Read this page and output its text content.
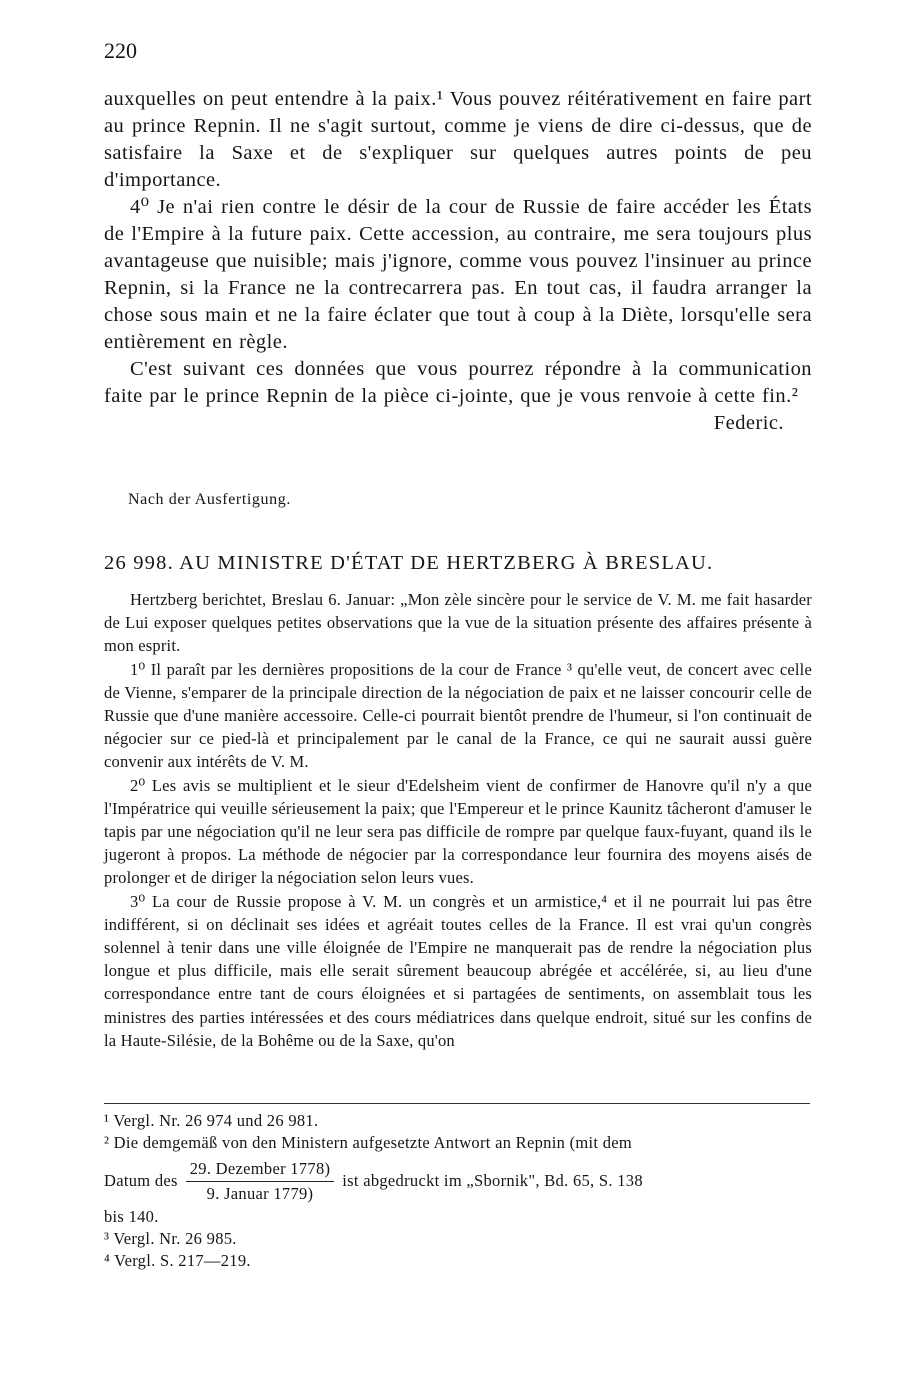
220

auxquelles on peut entendre à la paix.¹ Vous pouvez réitérativement en faire part au prince Repnin. Il ne s'agit surtout, comme je viens de dire ci-dessus, que de satisfaire la Saxe et de s'expliquer sur quelques autres points de peu d'importance.

4⁰ Je n'ai rien contre le désir de la cour de Russie de faire accéder les États de l'Empire à la future paix. Cette accession, au contraire, me sera toujours plus avantageuse que nuisible; mais j'ignore, comme vous pouvez l'insinuer au prince Repnin, si la France ne la contrecarrera pas. En tout cas, il faudra arranger la chose sous main et ne la faire éclater que tout à coup à la Diète, lorsqu'elle sera entièrement en règle.

C'est suivant ces données que vous pourrez répondre à la communication faite par le prince Repnin de la pièce ci-jointe, que je vous renvoie à cette fin.²

Federic.

Nach der Ausfertigung.
26 998. AU MINISTRE D'ÉTAT DE HERTZBERG À BRESLAU.

Hertzberg berichtet, Breslau 6. Januar: „Mon zèle sincère pour le service de V. M. me fait hasarder de Lui exposer quelques petites observations que la vue de la situation présente des affaires présente à mon esprit.

1⁰ Il paraît par les dernières propositions de la cour de France ³ qu'elle veut, de concert avec celle de Vienne, s'emparer de la principale direction de la négociation de paix et ne laisser concourir celle de Russie que d'une manière accessoire. Celle-ci pourrait bientôt prendre de l'humeur, si l'on continuait de négocier sur ce pied-là et principalement par le canal de la France, ce qui ne saurait aussi guère convenir aux intérêts de V. M.

2⁰ Les avis se multiplient et le sieur d'Edelsheim vient de confirmer de Hanovre qu'il n'y a que l'Impératrice qui veuille sérieusement la paix; que l'Empereur et le prince Kaunitz tâcheront d'amuser le tapis par une négociation qu'il ne leur sera pas difficile de rompre par quelque faux-fuyant, quand ils le jugeront à propos. La méthode de négocier par la correspondance leur fournira des moyens aisés de prolonger et de diriger la négociation selon leurs vues.

3⁰ La cour de Russie propose à V. M. un congrès et un armistice,⁴ et il ne pourrait lui pas être indifférent, si on déclinait ses idées et agréait toutes celles de la France. Il est vrai qu'un congrès solennel à tenir dans une ville éloignée de l'Empire ne manquerait pas de rendre la négociation plus longue et plus difficile, mais elle serait sûrement beaucoup abrégée et accélérée, si, au lieu d'une correspondance entre tant de cours éloignées et si partagées de sentiments, on assemblait tous les ministres des parties intéressées et des cours médiatrices dans quelque endroit, situé sur les confins de la Haute-Silésie, de la Bohême ou de la Saxe, qu'on

¹ Vergl. Nr. 26 974 und 26 981.

² Die demgemäß von den Ministern aufgesetzte Antwort an Repnin (mit dem

Datum des $\frac{\text{29. Dezember 1778)}}{\text{9. Januar 1779)}}$ ist abgedruckt im „Sbornik", Bd. 65, S. 138

bis 140.

³ Vergl. Nr. 26 985.

⁴ Vergl. S. 217—219.
